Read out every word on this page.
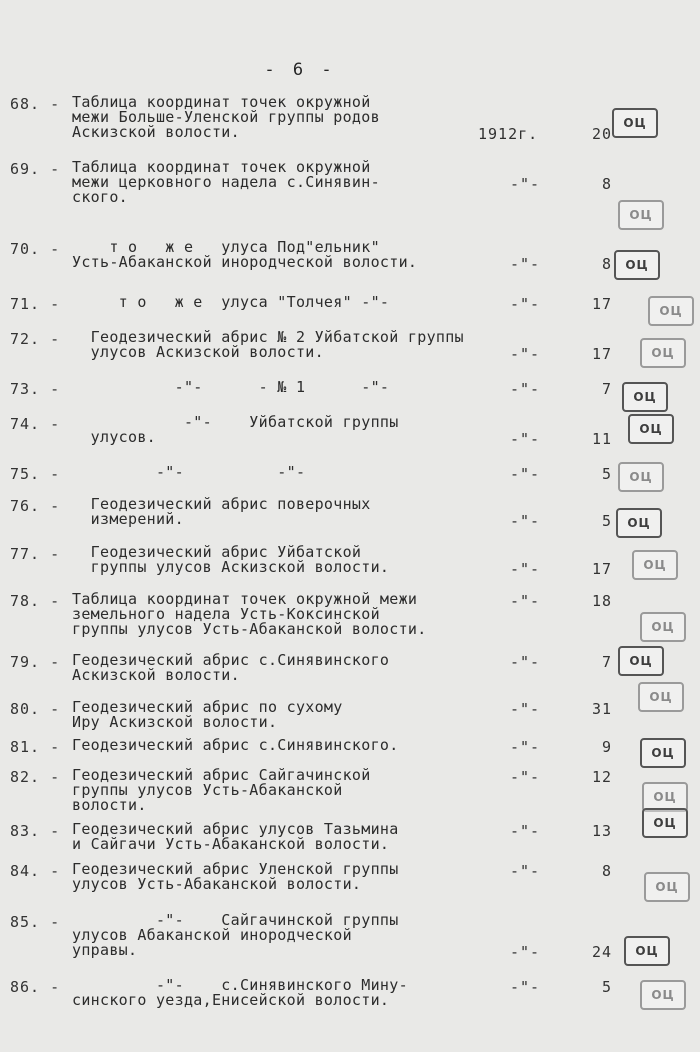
- 6 -
68. - Таблица координат точек окружной
межи Больше-Уленской группы родов
Аскизской волости.	1912г.	20
69. - Таблица координат точек окружной
межи церковного надела с.Синявин-
ского.
-"-	8
70. - т о   ж е   улуса Под"ельник"
Усть-Абаканской инородческой волости.	-"-	8
71. - т о   ж е  улуса "Толчея" -"-	-"-	17
72. - Геодезический абрис № 2 Уйбатской группы
улусов Аскизской волости.	-"-	17
73. - -"-      - № 1      -"-	-"-	7
74. - -"-    Уйбатской группы
улусов.	-"-	11
75. - -"-          -"-	-"-	5
76. - Геодезический абрис поверочных
измерений.	-"-	5
77. - Геодезический абрис Уйбатской
группы улусов Аскизской волости.	-"-	17
78. - Таблица координат точек окружной межи
земельного надела Усть-Коксинской
группы улусов Усть-Абаканской волости.
-"-	18
79. - Геодезический абрис с.Синявинского
Аскизской волости.
-"-	7
80. - Геодезический абрис по сухому
Иру Аскизской волости.
-"-	31
81. - Геодезический абрис с.Синявинского.	-"-	9
82. - Геодезический абрис Сайгачинской
группы улусов Усть-Абаканской
волости.
-"-	12
83. - Геодезический абрис улусов Тазьмина
и Сайгачи Усть-Абаканской волости.
-"-	13
84. - Геодезический абрис Уленской группы
улусов Усть-Абаканской волости.
-"-	8
85. - -"-    Сайгачинской группы
улусов Абаканской инородческой
управы.	-"-	24
86. - -"-    с.Синявинского Мину-
синского уезда,Енисейской волости.
-"-	5
ОЦ
ОЦ
ОЦ
ОЦ
ОЦ
ОЦ
ОЦ
ОЦ
ОЦ
ОЦ
ОЦ
ОЦ
ОЦ
ОЦ
ОЦ
ОЦ
ОЦ
ОЦ
ОЦ
